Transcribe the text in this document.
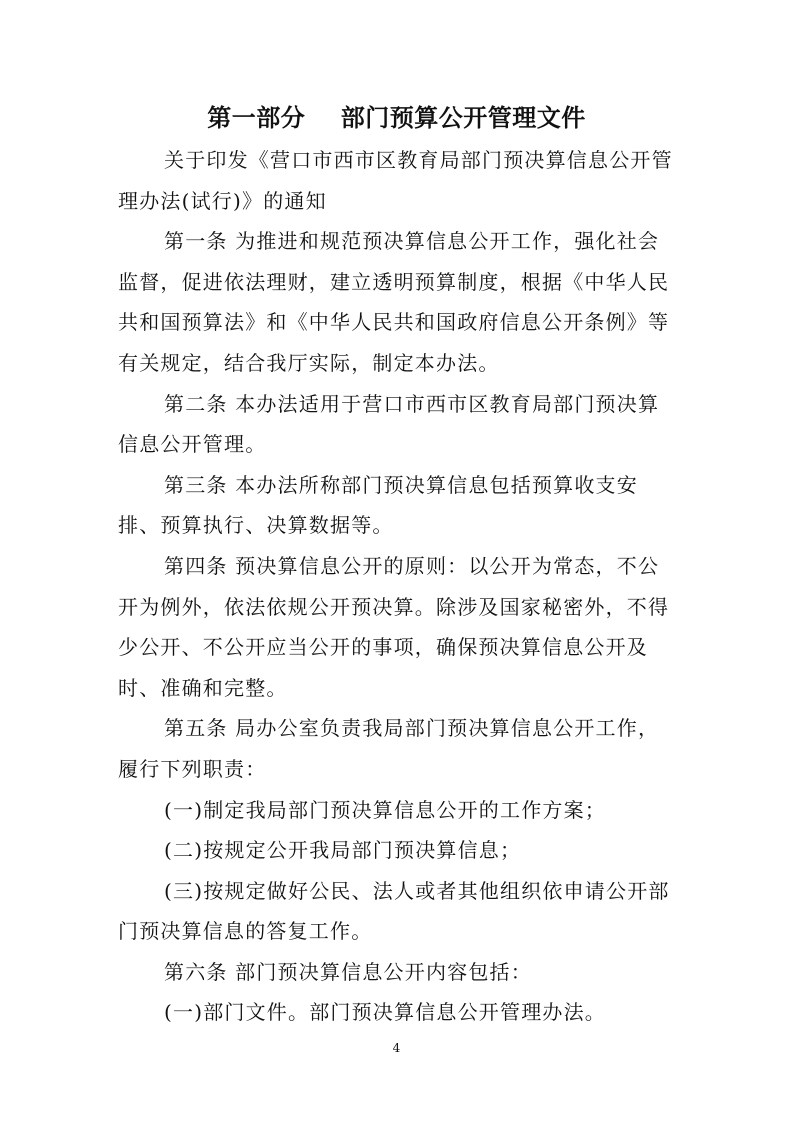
第一部分    部门预算公开管理文件

关于印发《营口市西市区教育局部门预决算信息公开管理办法(试行)》的通知

第一条 为推进和规范预决算信息公开工作，强化社会监督，促进依法理财，建立透明预算制度，根据《中华人民共和国预算法》和《中华人民共和国政府信息公开条例》等有关规定，结合我厅实际，制定本办法。

第二条 本办法适用于营口市西市区教育局部门预决算信息公开管理。

第三条 本办法所称部门预决算信息包括预算收支安排、预算执行、决算数据等。

第四条 预决算信息公开的原则：以公开为常态，不公开为例外，依法依规公开预决算。除涉及国家秘密外，不得少公开、不公开应当公开的事项，确保预决算信息公开及时、准确和完整。

第五条 局办公室负责我局部门预决算信息公开工作，履行下列职责：

(一)制定我局部门预决算信息公开的工作方案；

(二)按规定公开我局部门预决算信息；

(三)按规定做好公民、法人或者其他组织依申请公开部门预决算信息的答复工作。

第六条 部门预决算信息公开内容包括：

(一)部门文件。部门预决算信息公开管理办法。

4
